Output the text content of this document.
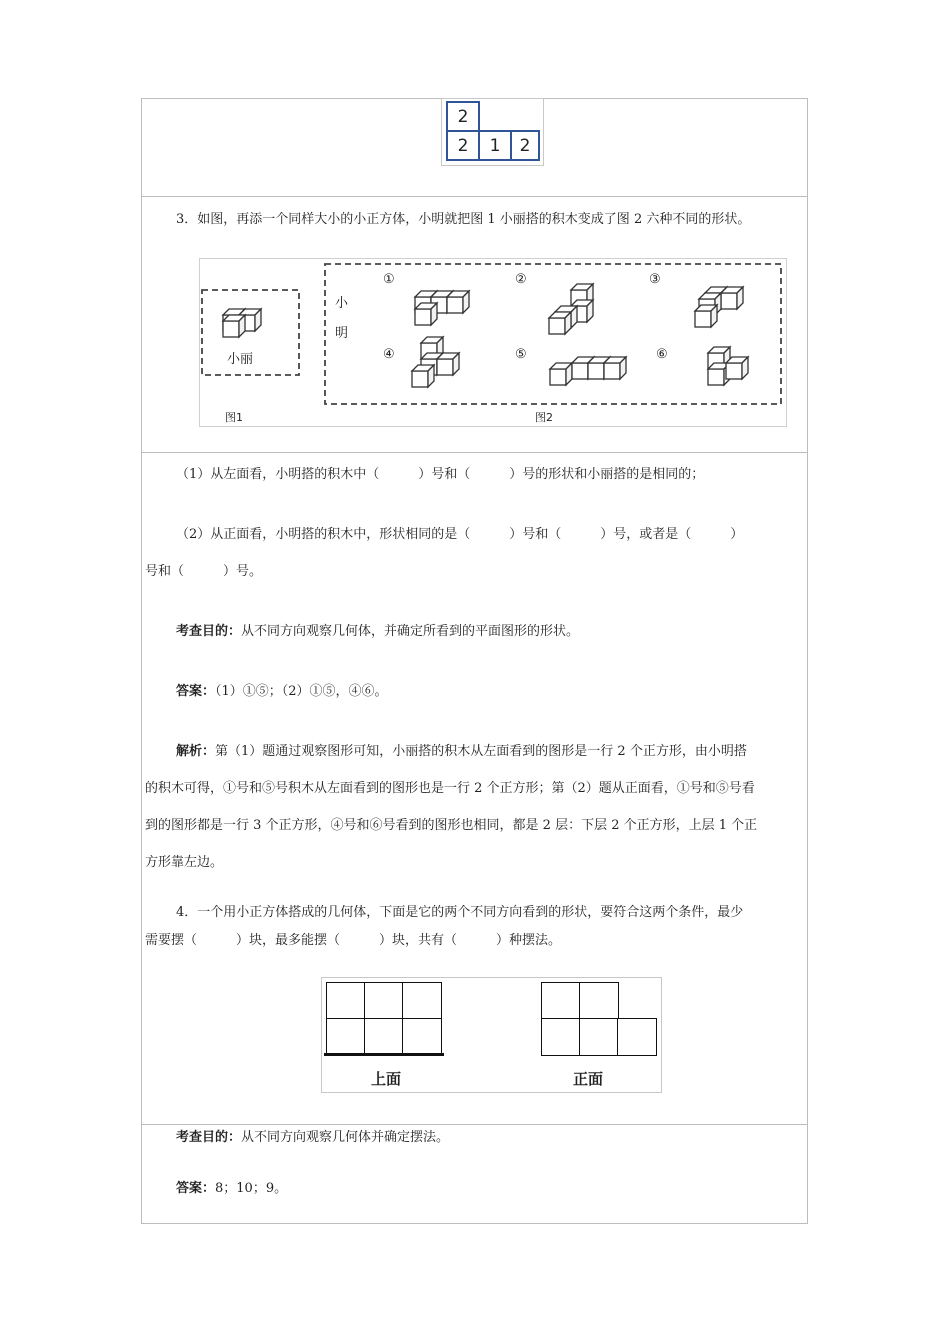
2
2	1	2
3．如图，再添一个同样大小的小正方体，小明就把图 1 小丽搭的积木变成了图 2 六种不同的形状。
小丽
图1
小
明
图2
①	②	③
④	⑤	⑥
（1）从左面看，小明搭的积木中（　　　）号和（　　　）号的形状和小丽搭的是相同的；
（2）从正面看，小明搭的积木中，形状相同的是（　　　）号和（　　　）号，或者是（　　　）
号和（　　　）号。
考查目的：从不同方向观察几何体，并确定所看到的平面图形的形状。
答案：（1）①⑤；（2）①⑤，④⑥。
解析：第（1）题通过观察图形可知，小丽搭的积木从左面看到的图形是一行 2 个正方形，由小明搭
的积木可得，①号和⑤号积木从左面看到的图形也是一行 2 个正方形；第（2）题从正面看，①号和⑤号看
到的图形都是一行 3 个正方形，④号和⑥号看到的图形也相同，都是 2 层：下层 2 个正方形，上层 1 个正
方形靠左边。
4．一个用小正方体搭成的几何体，下面是它的两个不同方向看到的形状，要符合这两个条件，最少
需要摆（　　　）块，最多能摆（　　　）块，共有（　　　）种摆法。
上面	正面
考查目的：从不同方向观察几何体并确定摆法。
答案：8；10；9。
